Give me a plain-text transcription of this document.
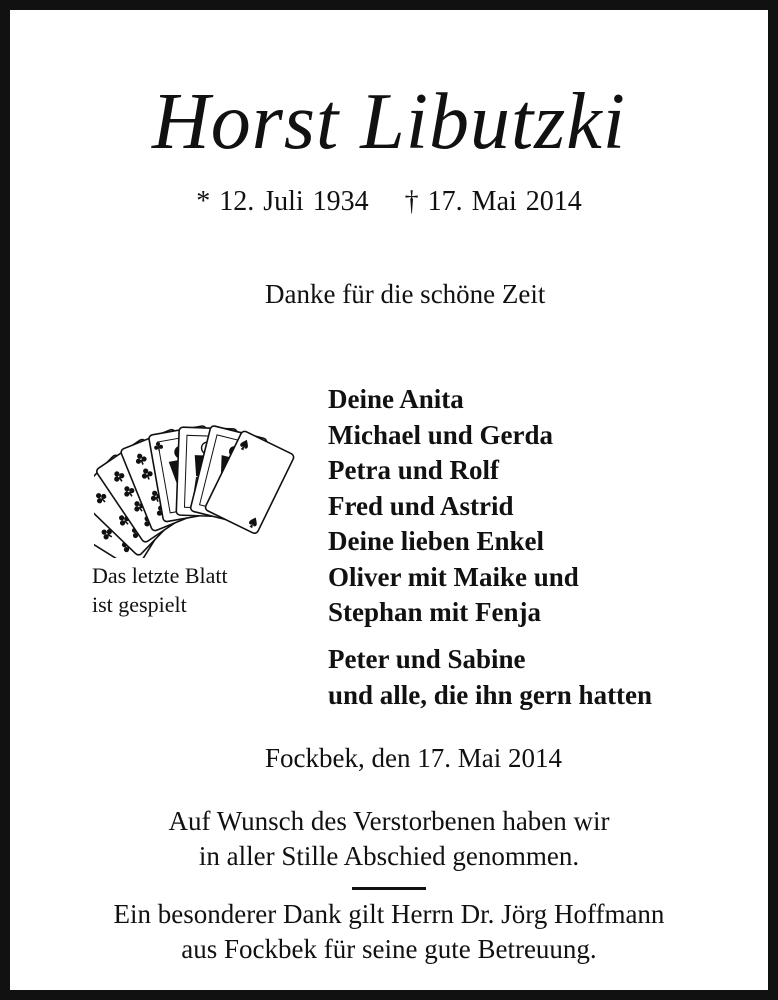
Horst Libutzki
* 12. Juli 1934 † 17. Mai 2014
Danke für die schöne Zeit
Das letzte Blatt
ist gespielt
Deine Anita
Michael und Gerda
Petra und Rolf
Fred und Astrid
Deine lieben Enkel
Oliver mit Maike und
Stephan mit Fenja
Peter und Sabine
und alle, die ihn gern hatten
Fockbek, den 17. Mai 2014
Auf Wunsch des Verstorbenen haben wir
in aller Stille Abschied genommen.
Ein besonderer Dank gilt Herrn Dr. Jörg Hoffmann
aus Fockbek für seine gute Betreuung.
